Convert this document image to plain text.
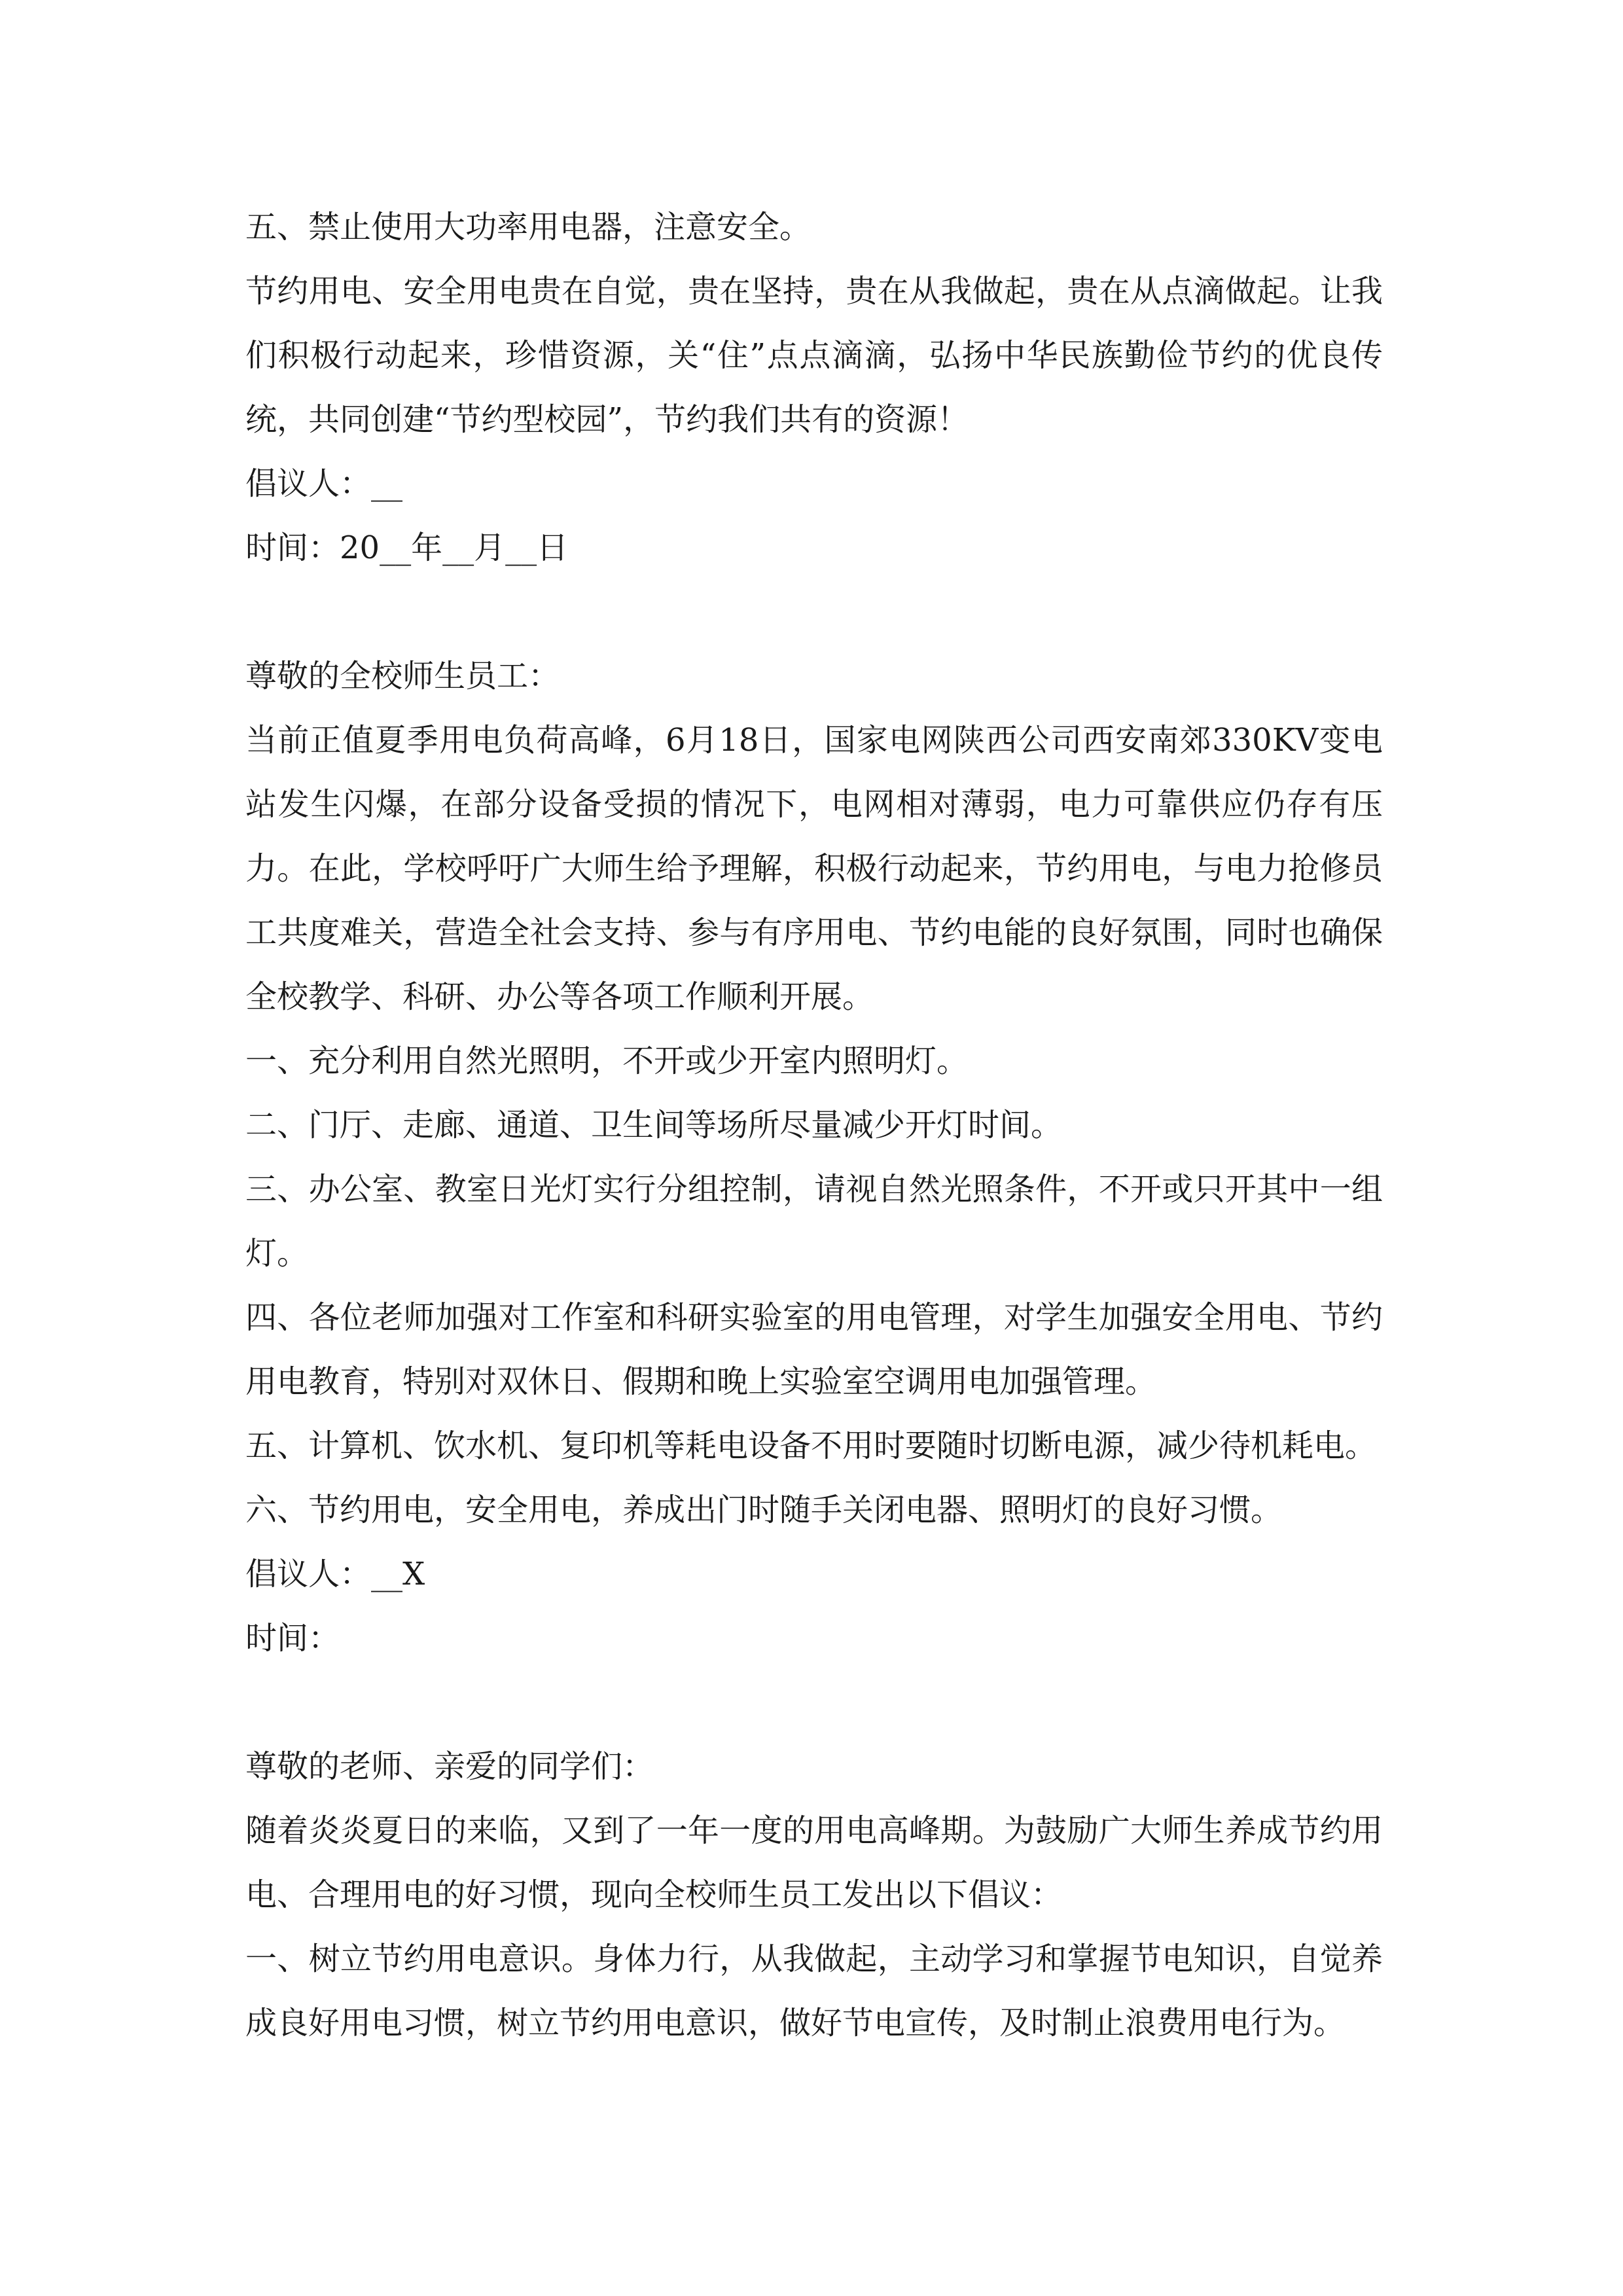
五、禁止使用大功率用电器，注意安全。

节约用电、安全用电贵在自觉，贵在坚持，贵在从我做起，贵在从点滴做起。让我们积极行动起来，珍惜资源，关“住”点点滴滴，弘扬中华民族勤俭节约的优良传统，共同创建“节约型校园”，节约我们共有的资源！

倡议人：__

时间：20__年__月__日

尊敬的全校师生员工：

当前正值夏季用电负荷高峰，6月18日，国家电网陕西公司西安南郊330KV变电站发生闪爆，在部分设备受损的情况下，电网相对薄弱，电力可靠供应仍存有压力。在此，学校呼吁广大师生给予理解，积极行动起来，节约用电，与电力抢修员工共度难关，营造全社会支持、参与有序用电、节约电能的良好氛围，同时也确保全校教学、科研、办公等各项工作顺利开展。

一、充分利用自然光照明，不开或少开室内照明灯。

二、门厅、走廊、通道、卫生间等场所尽量减少开灯时间。

三、办公室、教室日光灯实行分组控制，请视自然光照条件，不开或只开其中一组灯。

四、各位老师加强对工作室和科研实验室的用电管理，对学生加强安全用电、节约用电教育，特别对双休日、假期和晚上实验室空调用电加强管理。

五、计算机、饮水机、复印机等耗电设备不用时要随时切断电源，减少待机耗电。

六、节约用电，安全用电，养成出门时随手关闭电器、照明灯的良好习惯。

倡议人：__X

时间：

尊敬的老师、亲爱的同学们：

随着炎炎夏日的来临，又到了一年一度的用电高峰期。为鼓励广大师生养成节约用电、合理用电的好习惯，现向全校师生员工发出以下倡议：

一、树立节约用电意识。身体力行，从我做起，主动学习和掌握节电知识，自觉养成良好用电习惯，树立节约用电意识，做好节电宣传，及时制止浪费用电行为。
